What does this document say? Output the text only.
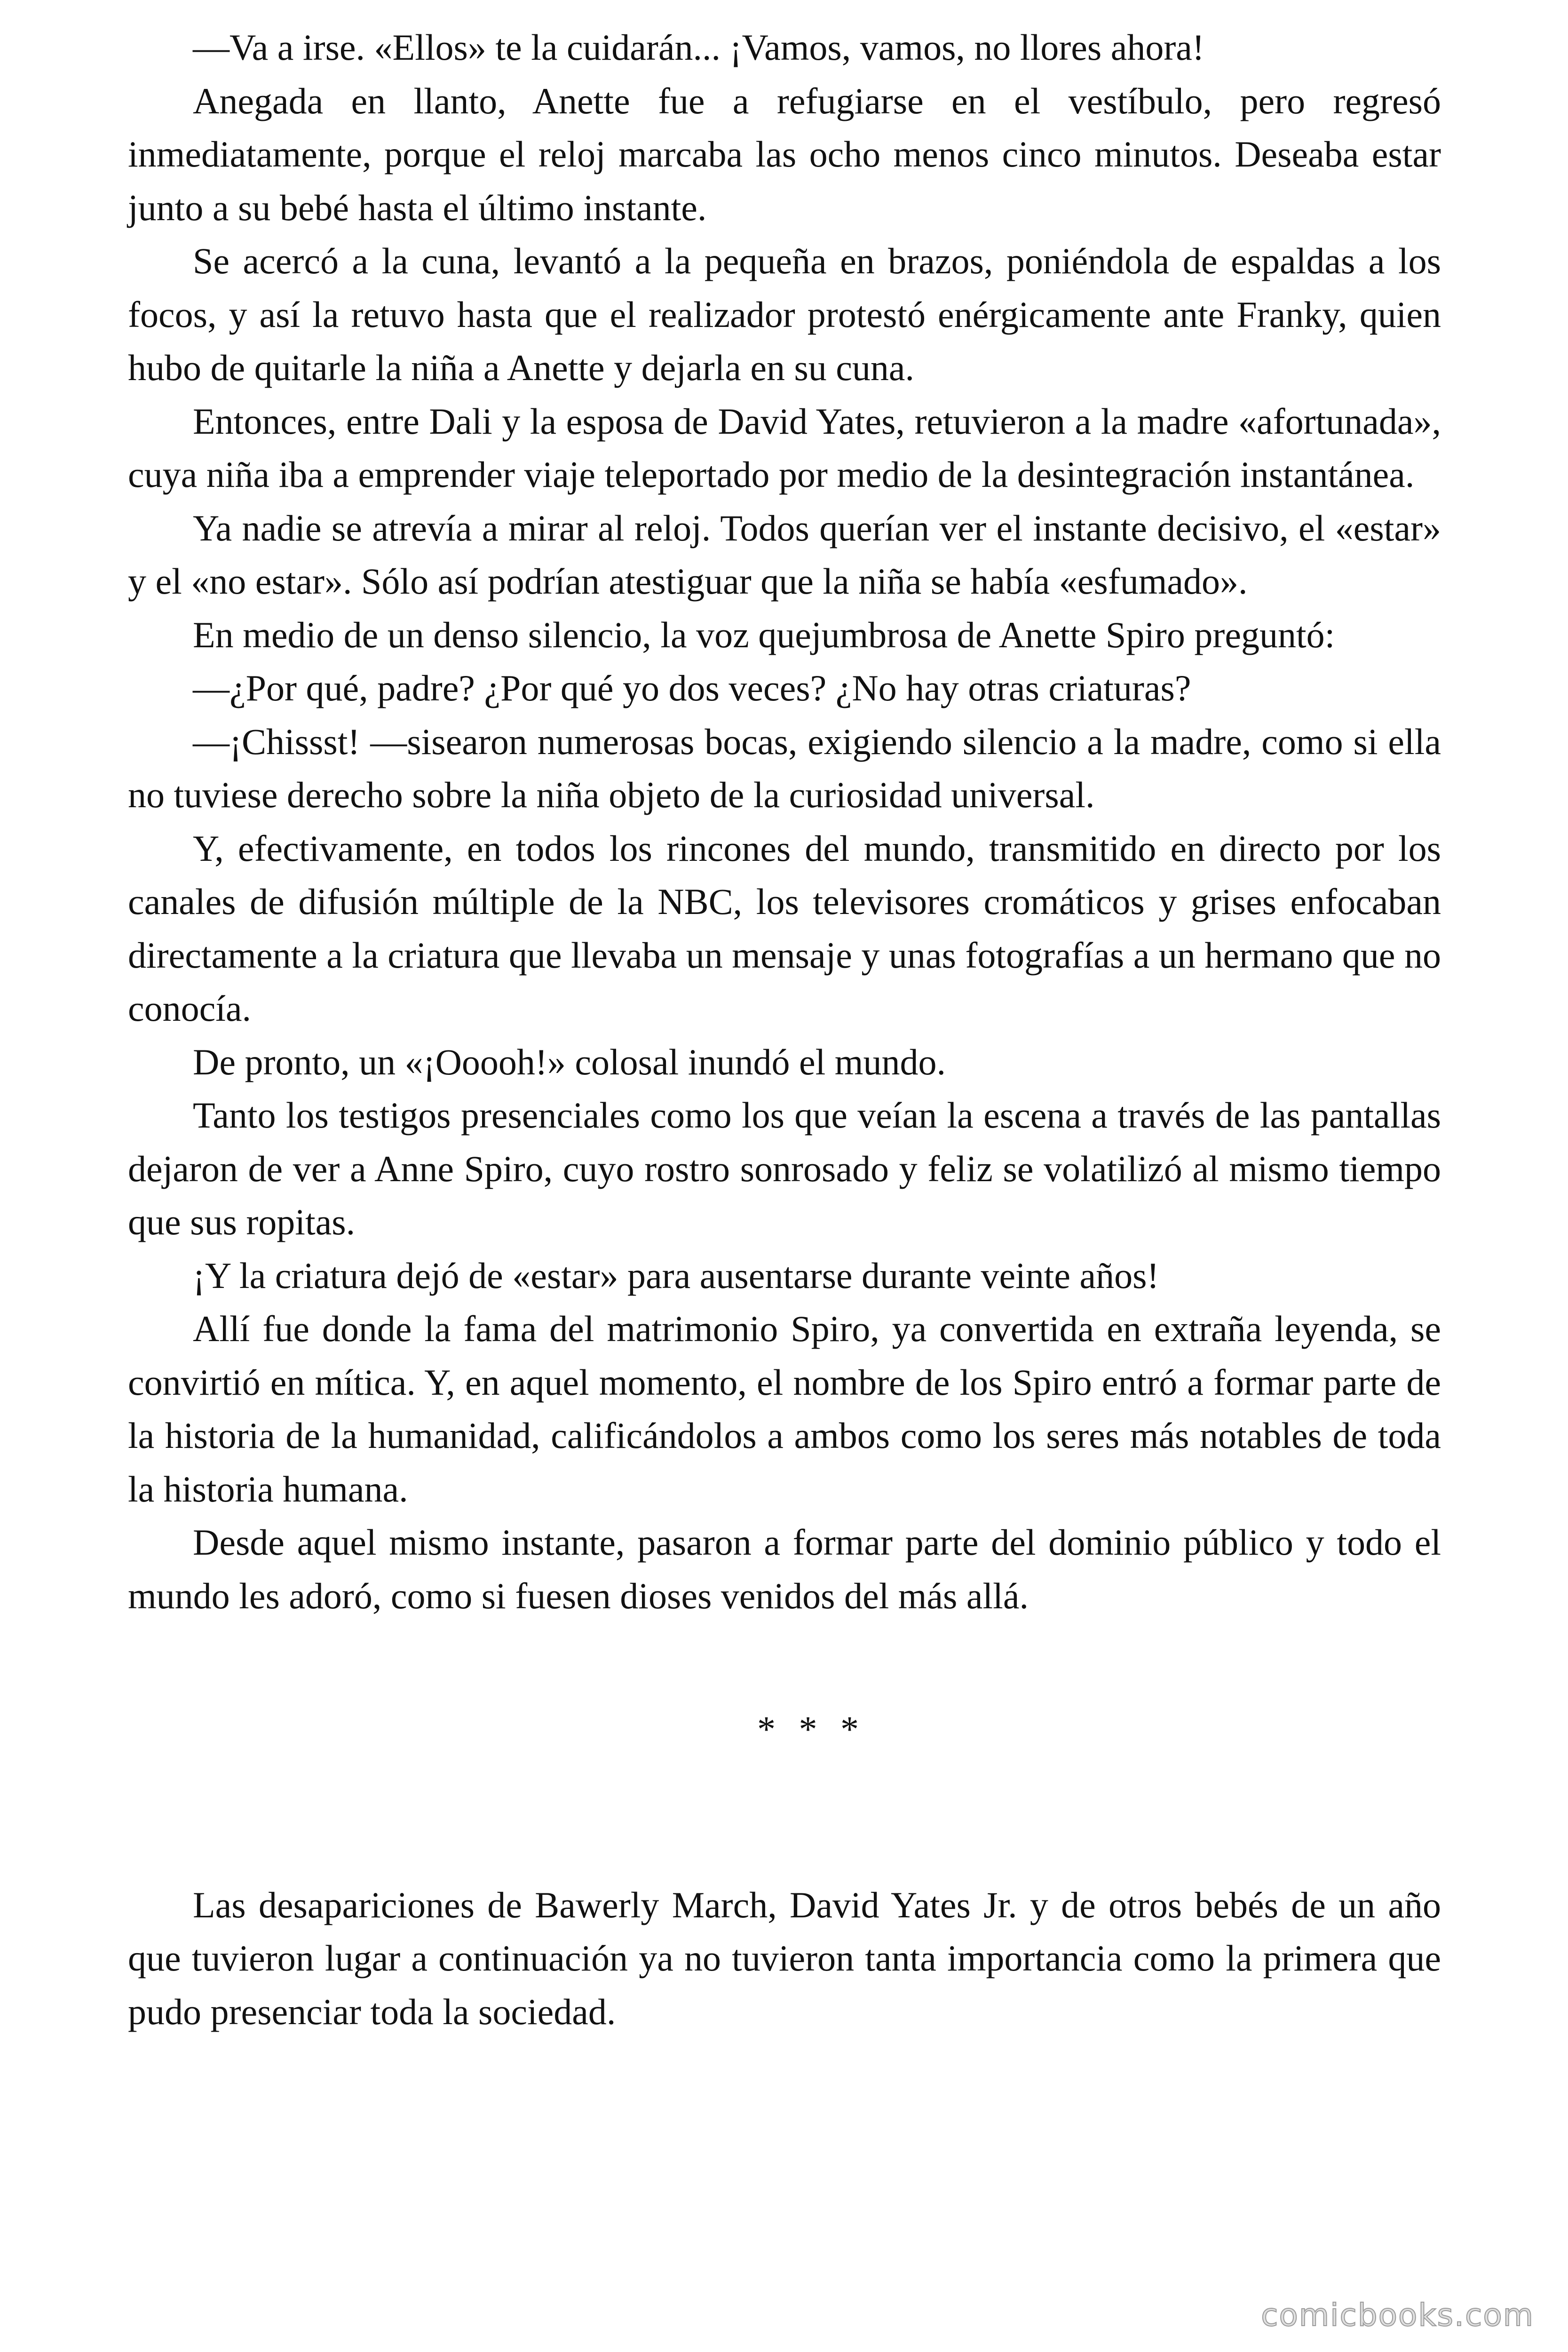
—Va a irse. «Ellos» te la cuidarán... ¡Vamos, vamos, no llores ahora!

Anegada en llanto, Anette fue a refugiarse en el vestíbulo, pero regresó inmediatamente, porque el reloj marcaba las ocho menos cinco minutos. Deseaba estar junto a su bebé hasta el último instante.

Se acercó a la cuna, levantó a la pequeña en brazos, poniéndola de espaldas a los focos, y así la retuvo hasta que el realizador protestó enérgicamente ante Franky, quien hubo de quitarle la niña a Anette y dejarla en su cuna.

Entonces, entre Dali y la esposa de David Yates, retuvieron a la madre «afortunada», cuya niña iba a emprender viaje teleportado por medio de la desintegración instantánea.

Ya nadie se atrevía a mirar al reloj. Todos querían ver el instante decisivo, el «estar» y el «no estar». Sólo así podrían atestiguar que la niña se había «esfumado».

En medio de un denso silencio, la voz quejumbrosa de Anette Spiro preguntó:

—¿Por qué, padre? ¿Por qué yo dos veces? ¿No hay otras criaturas?

—¡Chissst! —sisearon numerosas bocas, exigiendo silencio a la madre, como si ella no tuviese derecho sobre la niña objeto de la curiosidad universal.

Y, efectivamente, en todos los rincones del mundo, transmitido en directo por los canales de difusión múltiple de la NBC, los televisores cromáticos y grises enfocaban directamente a la criatura que llevaba un mensaje y unas fotografías a un hermano que no conocía.

De pronto, un «¡Ooooh!» colosal inundó el mundo.

Tanto los testigos presenciales como los que veían la escena a través de las pantallas dejaron de ver a Anne Spiro, cuyo rostro sonrosado y feliz se volatilizó al mismo tiempo que sus ropitas.

¡Y la criatura dejó de «estar» para ausentarse durante veinte años!

Allí fue donde la fama del matrimonio Spiro, ya convertida en extraña leyenda, se convirtió en mítica. Y, en aquel momento, el nombre de los Spiro entró a formar parte de la historia de la humanidad, calificándolos a ambos como los seres más notables de toda la historia humana.

Desde aquel mismo instante, pasaron a formar parte del dominio público y todo el mundo les adoró, como si fuesen dioses venidos del más allá.

* * *

Las desapariciones de Bawerly March, David Yates Jr. y de otros bebés de un año que tuvieron lugar a continuación ya no tuvieron tanta importancia como la primera que pudo presenciar toda la sociedad.

comicbooks.com
